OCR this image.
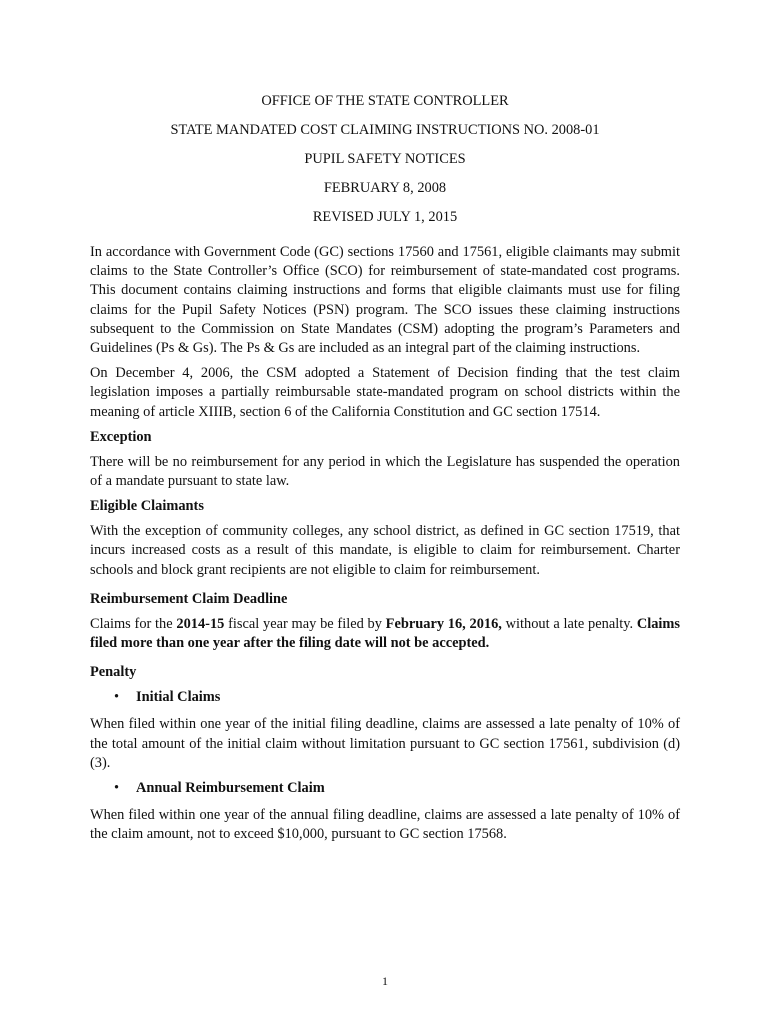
OFFICE OF THE STATE CONTROLLER
STATE MANDATED COST CLAIMING INSTRUCTIONS NO. 2008-01
PUPIL SAFETY NOTICES
FEBRUARY 8, 2008
REVISED JULY 1, 2015

In accordance with Government Code (GC) sections 17560 and 17561, eligible claimants may submit claims to the State Controller’s Office (SCO) for reimbursement of state-mandated cost programs. This document contains claiming instructions and forms that eligible claimants must use for filing claims for the Pupil Safety Notices (PSN) program. The SCO issues these claiming instructions subsequent to the Commission on State Mandates (CSM) adopting the program’s Parameters and Guidelines (Ps & Gs). The Ps & Gs are included as an integral part of the claiming instructions.

On December 4, 2006, the CSM adopted a Statement of Decision finding that the test claim legislation imposes a partially reimbursable state-mandated program on school districts within the meaning of article XIIIB, section 6 of the California Constitution and GC section 17514.

Exception

There will be no reimbursement for any period in which the Legislature has suspended the operation of a mandate pursuant to state law.

Eligible Claimants

With the exception of community colleges, any school district, as defined in GC section 17519, that incurs increased costs as a result of this mandate, is eligible to claim for reimbursement. Charter schools and block grant recipients are not eligible to claim for reimbursement.

Reimbursement Claim Deadline

Claims for the 2014-15 fiscal year may be filed by February 16, 2016, without a late penalty. Claims filed more than one year after the filing date will not be accepted.

Penalty
• Initial Claims

When filed within one year of the initial filing deadline, claims are assessed a late penalty of 10% of the total amount of the initial claim without limitation pursuant to GC section 17561, subdivision (d)(3).

• Annual Reimbursement Claim

When filed within one year of the annual filing deadline, claims are assessed a late penalty of 10% of the claim amount, not to exceed $10,000, pursuant to GC section 17568.

1
